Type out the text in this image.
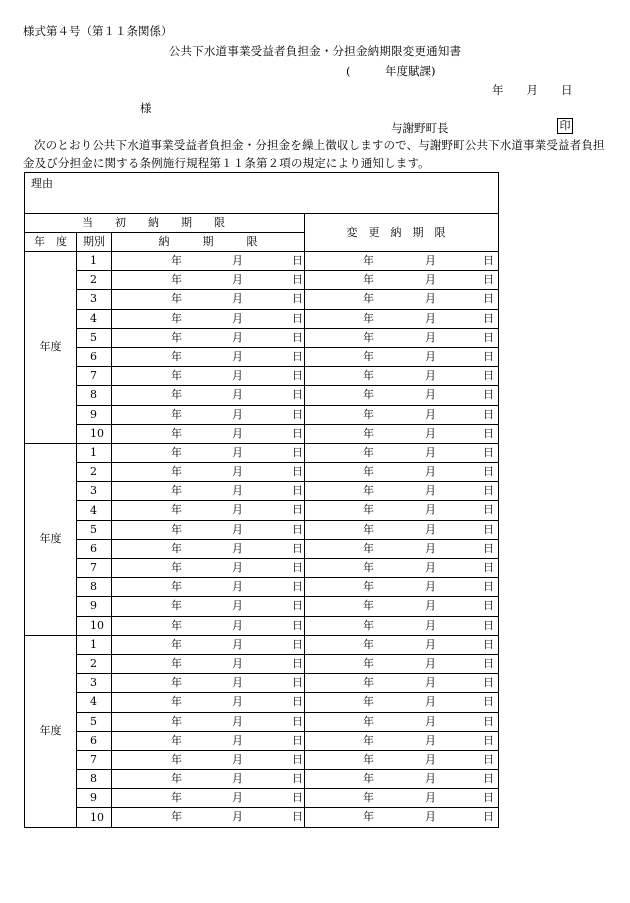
様式第４号（第１１条関係）
公共下水道事業受益者負担金・分担金納期限変更通知書
(　　　年度賦課)
年　　月　　日
様
与謝野町長	印
次のとおり公共下水道事業受益者負担金・分担金を繰上徴収しますので、与謝野町公共下水道事業受益者負担金及び分担金に関する条例施行規程第１１条第２項の規定により通知します。
理由			
当初納期限			変更納期限
年　度	期別	納　　　期　　　限	
年度	1	年 月 日	年 月 日

	2	年 月 日	年 月 日

	3	年 月 日	年 月 日

	4	年 月 日	年 月 日

	5	年 月 日	年 月 日

	6	年 月 日	年 月 日

	7	年 月 日	年 月 日

	8	年 月 日	年 月 日

	9	年 月 日	年 月 日

	10	年 月 日	年 月 日

年度	1	年 月 日	年 月 日

	2	年 月 日	年 月 日

	3	年 月 日	年 月 日

	4	年 月 日	年 月 日

	5	年 月 日	年 月 日

	6	年 月 日	年 月 日

	7	年 月 日	年 月 日

	8	年 月 日	年 月 日

	9	年 月 日	年 月 日

	10	年 月 日	年 月 日

年度	1	年 月 日	年 月 日

	2	年 月 日	年 月 日

	3	年 月 日	年 月 日

	4	年 月 日	年 月 日

	5	年 月 日	年 月 日

	6	年 月 日	年 月 日

	7	年 月 日	年 月 日

	8	年 月 日	年 月 日

	9	年 月 日	年 月 日

	10	年 月 日	年 月 日
